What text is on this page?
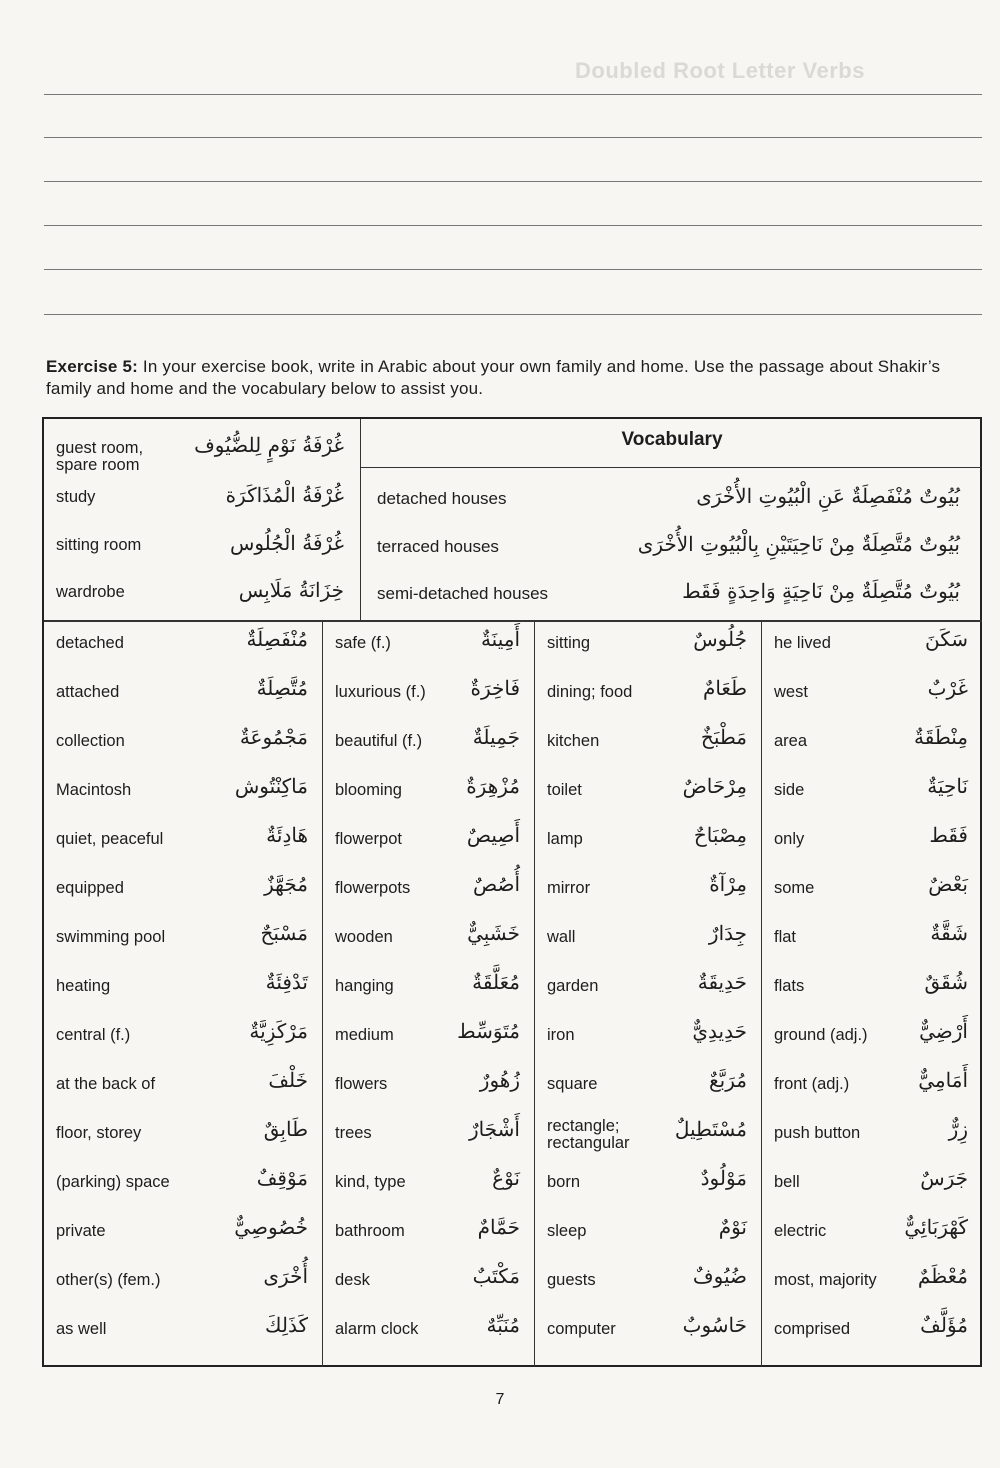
Doubled Root Letter Verbs
Exercise 5: In your exercise book, write in Arabic about your own family and home. Use the passage about Shakir’s family and home and the vocabulary below to assist you.
guest room, spare room
غُرْفَةُ نَوْمٍ لِلضُّيُوف
study	غُرْفَةُ الْمُذَاكَرَة
sitting room	غُرْفَةُ الْجُلُوس
wardrobe	خِزَانَةُ مَلَابِس
Vocabulary
detached houses	بُيُوتٌ مُنْفَصِلَةٌ عَنِ الْبُيُوتِ الأُخْرَى
terraced houses	بُيُوتٌ مُتَّصِلَةٌ مِنْ نَاحِيَتَيْنِ بِالْبُيُوتِ الأُخْرَى
semi-detached houses	بُيُوتٌ مُتَّصِلَةٌ مِنْ نَاحِيَةٍ وَاحِدَةٍ فَقَط
detached	مُنْفَصِلَةٌ
attached	مُتَّصِلَةٌ
collection	مَجْمُوعَةٌ
Macintosh	مَاكِنْتُوش
quiet, peaceful	هَادِئَةٌ
equipped	مُجَهَّزٌ
swimming pool	مَسْبَحٌ
heating	تَدْفِئَةٌ
central (f.)	مَرْكَزِيَّةٌ
at the back of	خَلْفَ
floor, storey	طَابِقٌ
(parking) space	مَوْقِفٌ
private	خُصُوصِيٌّ
other(s) (fem.)	أُخْرَى
as well	كَذَلِكَ
safe (f.)	أَمِينَةٌ
luxurious (f.) فَاخِرَةٌ
beautiful (f.)	جَمِيلَةٌ
blooming	مُزْهِرَةٌ
flowerpot	أَصِيصٌ
flowerpots	أُصُصٌ
wooden	خَشَبِيٌّ
hanging	مُعَلَّقَةٌ
medium	مُتَوَسِّط
flowers	زُهُورٌ
trees	أَشْجَارٌ
kind, type	نَوْعٌ
bathroom	حَمَّامٌ
desk	مَكْتَبٌ
alarm clock	مُنَبِّهٌ
sitting	جُلُوسٌ
dining; food	طَعَامٌ
kitchen	مَطْبَخٌ
toilet	مِرْحَاضٌ
lamp	مِصْبَاحٌ
mirror	مِرْآةٌ
wall	جِدَارٌ
garden	حَدِيقَةٌ
iron	حَدِيدِيٌّ
square	مُرَبَّعٌ
rectangle; rectangular
مُسْتَطِيلٌ
born	مَوْلُودٌ
sleep	نَوْمٌ
guests	ضُيُوفٌ
computer	حَاسُوبٌ
he lived	سَكَنَ
west	غَرْبٌ
area	مِنْطَقَةٌ
side	نَاحِيَةٌ
only	فَقَط
some	بَعْضٌ
flat	شَقَّةٌ
flats	شُقَقٌ
ground (adj.)	أَرْضِيٌّ
front (adj.)	أَمَامِيٌّ
push button	زِرٌّ
bell	جَرَسٌ
electric	كَهْرَبَائِيٌّ
most, majority مُعْظَمٌ
comprised	مُؤَلَّفٌ
7
